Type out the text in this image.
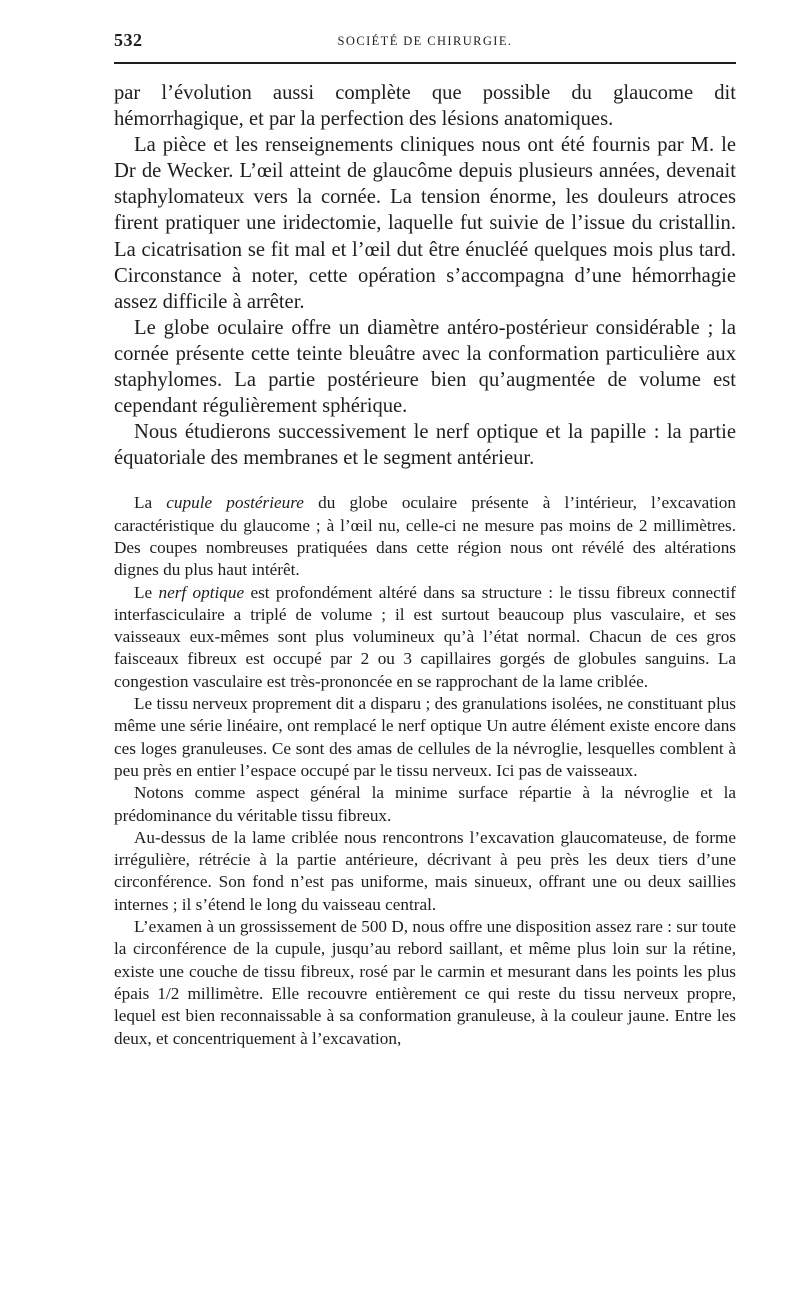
532	SOCIÉTÉ DE CHIRURGIE.

par l’évolution aussi complète que possible du glaucome dit hémorrhagique, et par la perfection des lésions anatomiques.

La pièce et les renseignements cliniques nous ont été fournis par M. le Dr de Wecker. L’œil atteint de glaucôme depuis plusieurs années, devenait staphylomateux vers la cornée. La tension énorme, les douleurs atroces firent pratiquer une iridectomie, laquelle fut suivie de l’issue du cristallin. La cicatrisation se fit mal et l’œil dut être énucléé quelques mois plus tard. Circonstance à noter, cette opération s’accompagna d’une hémorrhagie assez difficile à arrêter.

Le globe oculaire offre un diamètre antéro-postérieur considérable ; la cornée présente cette teinte bleuâtre avec la conformation particulière aux staphylomes. La partie postérieure bien qu’augmentée de volume est cependant régulièrement sphérique.

Nous étudierons successivement le nerf optique et la papille : la partie équatoriale des membranes et le segment antérieur.

La cupule postérieure du globe oculaire présente à l’intérieur, l’excavation caractéristique du glaucome ; à l’œil nu, celle-ci ne mesure pas moins de 2 millimètres. Des coupes nombreuses pratiquées dans cette région nous ont révélé des altérations dignes du plus haut intérêt.

Le nerf optique est profondément altéré dans sa structure : le tissu fibreux connectif interfasciculaire a triplé de volume ; il est surtout beaucoup plus vasculaire, et ses vaisseaux eux-mêmes sont plus volumineux qu’à l’état normal. Chacun de ces gros faisceaux fibreux est occupé par 2 ou 3 capillaires gorgés de globules sanguins. La congestion vasculaire est très-prononcée en se rapprochant de la lame criblée.

Le tissu nerveux proprement dit a disparu ; des granulations isolées, ne constituant plus même une série linéaire, ont remplacé le nerf optique Un autre élément existe encore dans ces loges granuleuses. Ce sont des amas de cellules de la névroglie, lesquelles comblent à peu près en entier l’espace occupé par le tissu nerveux. Ici pas de vaisseaux.

Notons comme aspect général la minime surface répartie à la névroglie et la prédominance du véritable tissu fibreux.

Au-dessus de la lame criblée nous rencontrons l’excavation glaucomateuse, de forme irrégulière, rétrécie à la partie antérieure, décrivant à peu près les deux tiers d’une circonférence. Son fond n’est pas uniforme, mais sinueux, offrant une ou deux saillies internes ; il s’étend le long du vaisseau central.

L’examen à un grossissement de 500 D, nous offre une disposition assez rare : sur toute la circonférence de la cupule, jusqu’au rebord saillant, et même plus loin sur la rétine, existe une couche de tissu fibreux, rosé par le carmin et mesurant dans les points les plus épais 1/2 millimètre. Elle recouvre entièrement ce qui reste du tissu nerveux propre, lequel est bien reconnaissable à sa conformation granuleuse, à la couleur jaune. Entre les deux, et concentriquement à l’excavation,
